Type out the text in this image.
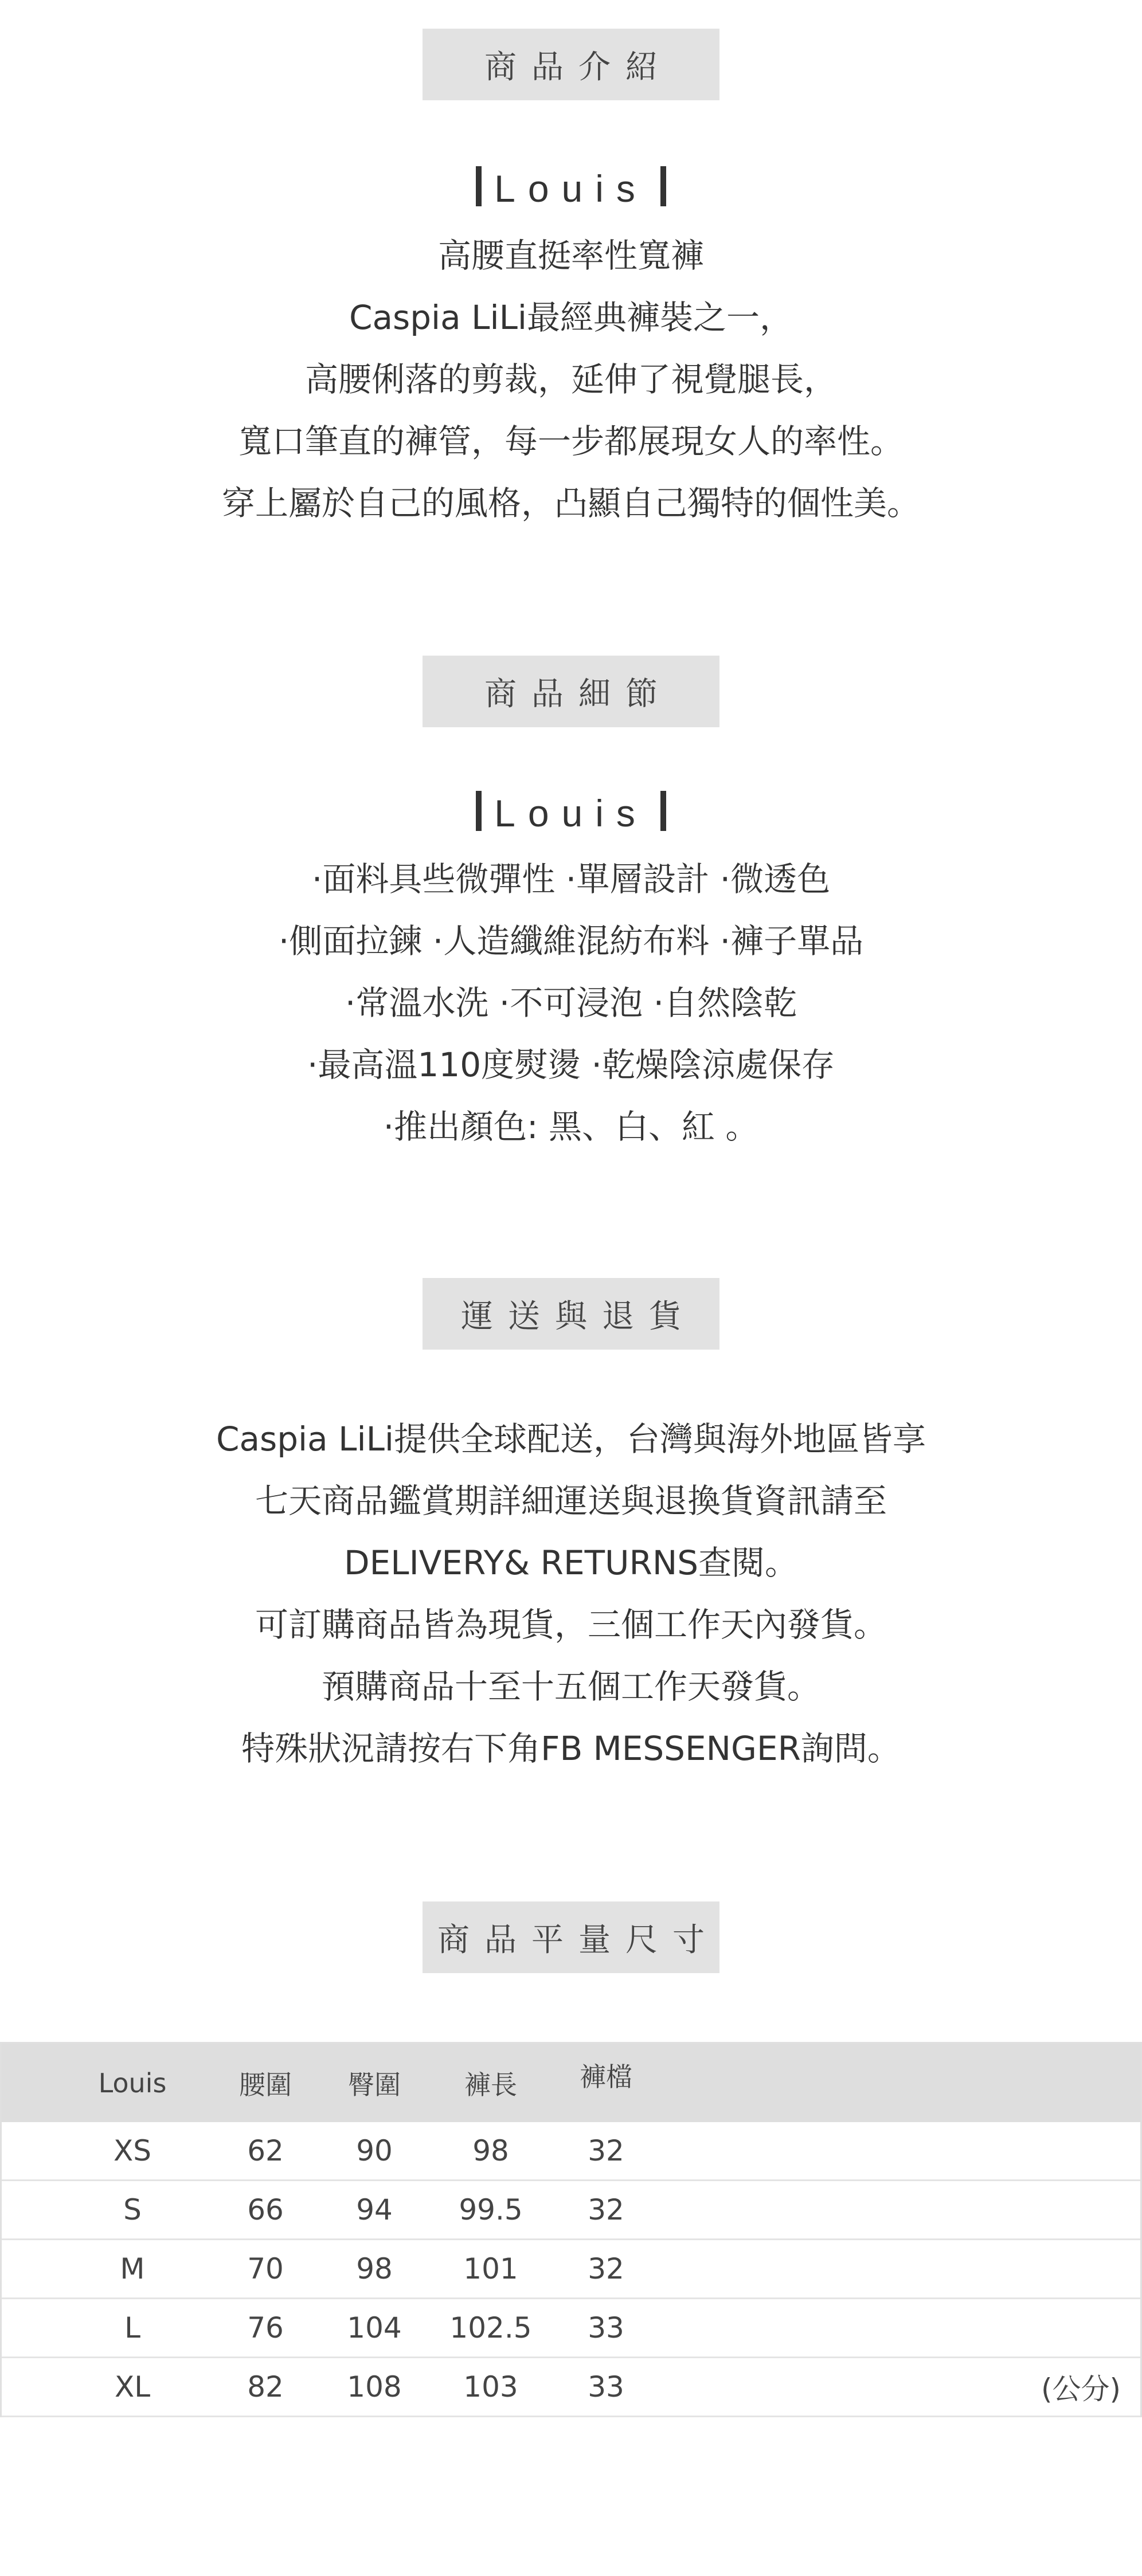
商品介紹
Louis
高腰直挺率性寬褲
Caspia LiLi最經典褲裝之一，
高腰俐落的剪裁，延伸了視覺腿長，
寬口筆直的褲管，每一步都展現女人的率性。
穿上屬於自己的風格，凸顯自己獨特的個性美。
商品細節
Louis
·面料具些微彈性 ·單層設計 ·微透色
·側面拉鍊 ·人造纖維混紡布料 ·褲子單品
·常溫水洗 ·不可浸泡 ·自然陰乾
·最高溫110度熨燙 ·乾燥陰涼處保存
·推出顏色: 黑、白、紅 。
運送與退貨
Caspia LiLi提供全球配送，台灣與海外地區皆享
七天商品鑑賞期詳細運送與退換貨資訊請至
DELIVERY& RETURNS查閱。
可訂購商品皆為現貨，三個工作天內發貨。
預購商品十至十五個工作天發貨。
特殊狀況請按右下角FB MESSENGER詢問。
商品平量尺寸
Louis	腰圍 臀圍 褲長 褲檔
XS	62	90	98	32
S	66	94 99.5 32
M	70	98 101 32
L	76 104 102.5 33
XL	82 108 103 33	(公分)
